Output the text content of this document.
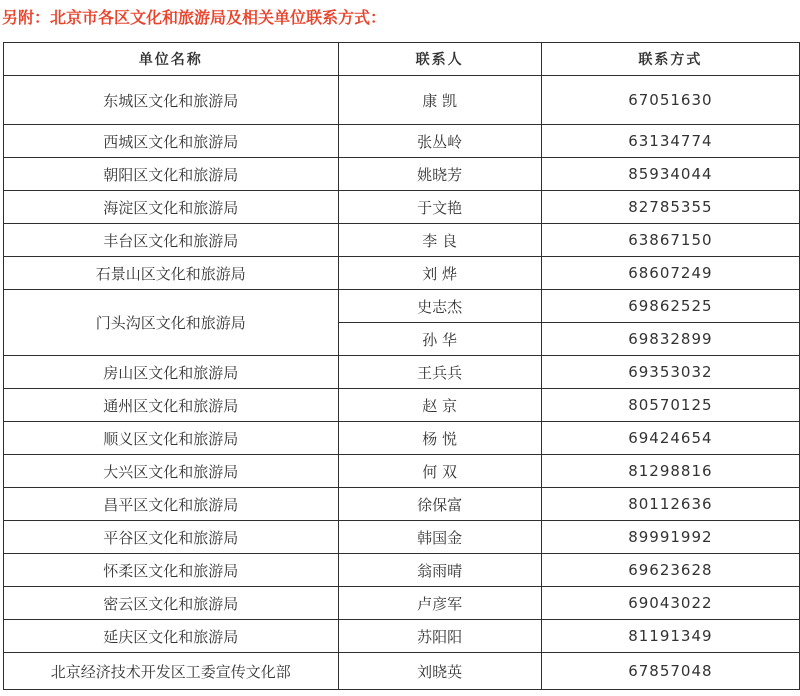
另附：北京市各区文化和旅游局及相关单位联系方式：
单位名称	联系人	联系方式
东城区文化和旅游局	康 凯	67051630
西城区文化和旅游局	张丛岭	63134774
朝阳区文化和旅游局	姚晓芳	85934044
海淀区文化和旅游局	于文艳	82785355
丰台区文化和旅游局	李 良	63867150
石景山区文化和旅游局	刘 烨	68607249
门头沟区文化和旅游局	史志杰	69862525
	孙 华	69832899
房山区文化和旅游局	王兵兵	69353032
通州区文化和旅游局	赵 京	80570125
顺义区文化和旅游局	杨 悦	69424654
大兴区文化和旅游局	何 双	81298816
昌平区文化和旅游局	徐保富	80112636
平谷区文化和旅游局	韩国金	89991992
怀柔区文化和旅游局	翁雨晴	69623628
密云区文化和旅游局	卢彦军	69043022
延庆区文化和旅游局	苏阳阳	81191349
北京经济技术开发区工委宣传文化部	刘晓英	67857048
